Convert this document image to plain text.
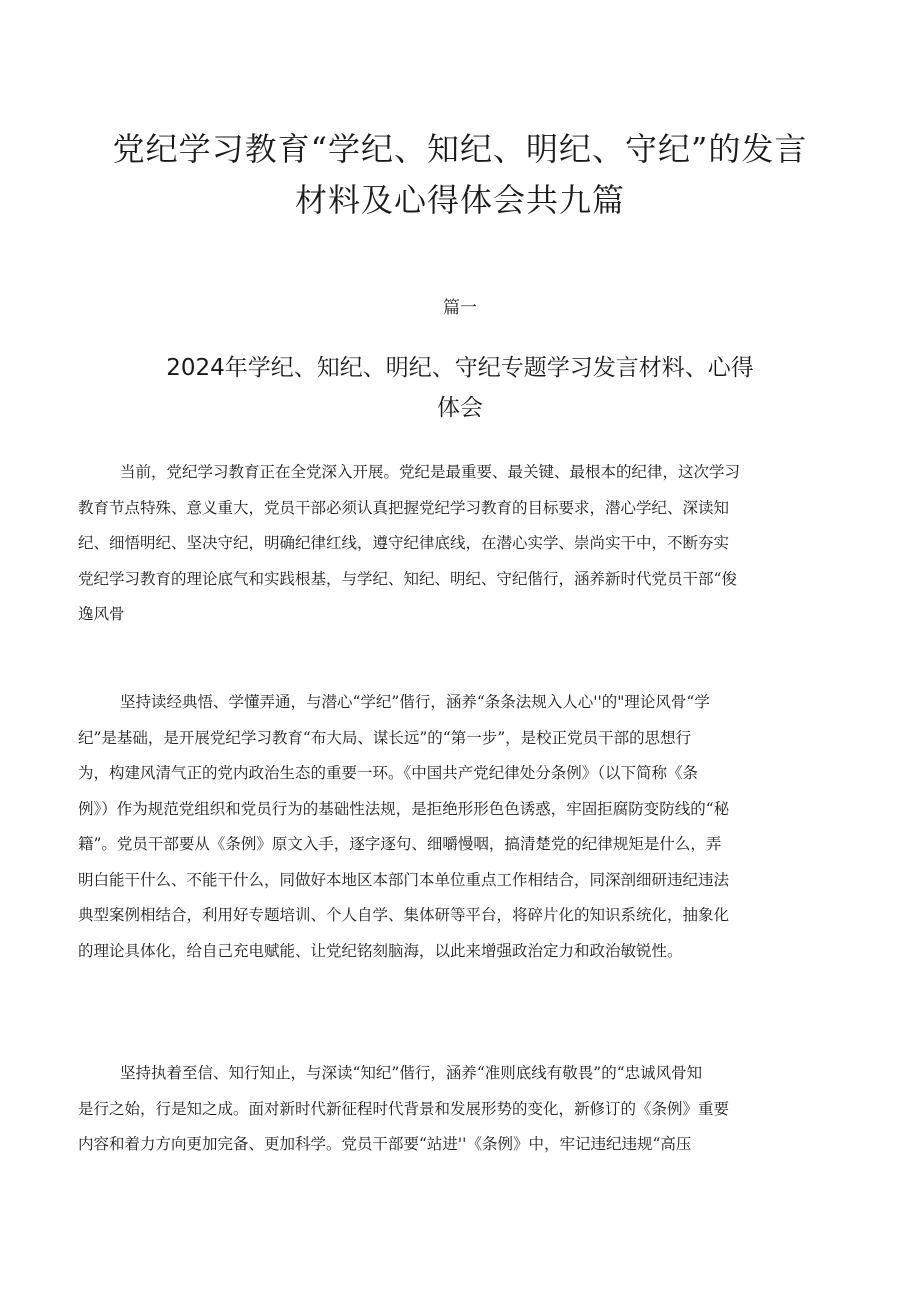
党纪学习教育“学纪、知纪、明纪、守纪”的发言
材料及心得体会共九篇

篇一

2024年学纪、知纪、明纪、守纪专题学习发言材料、心得
体会
当前，党纪学习教育正在全党深入开展。党纪是最重要、最关键、最根本的纪律，这次学习
教育节点特殊、意义重大，党员干部必须认真把握党纪学习教育的目标要求，潜心学纪、深读知
纪、细悟明纪、坚决守纪，明确纪律红线，遵守纪律底线，在潜心实学、崇尚实干中，不断夯实
党纪学习教育的理论底气和实践根基，与学纪、知纪、明纪、守纪偕行，涵养新时代党员干部“俊
逸风骨
坚持读经典悟、学懂弄通，与潜心“学纪”偕行，涵养“条条法规入人心''的"理论风骨“学
纪”是基础，是开展党纪学习教育“布大局、谋长远”的“第一步”，是校正党员干部的思想行
为，构建风清气正的党内政治生态的重要一环。《中国共产党纪律处分条例》（以下简称《条
例》）作为规范党组织和党员行为的基础性法规，是拒绝形形色色诱惑，牢固拒腐防变防线的“秘
籍”。党员干部要从《条例》原文入手，逐字逐句、细嚼慢咽，搞清楚党的纪律规矩是什么，弄
明白能干什么、不能干什么，同做好本地区本部门本单位重点工作相结合，同深剖细研违纪违法
典型案例相结合，利用好专题培训、个人自学、集体研等平台，将碎片化的知识系统化，抽象化
的理论具体化，给自己充电赋能、让党纪铭刻脑海，以此来增强政治定力和政治敏锐性。
坚持执着至信、知行知止，与深读“知纪”偕行，涵养“准则底线有敬畏”的“忠诚风骨知
是行之始，行是知之成。面对新时代新征程时代背景和发展形势的变化，新修订的《条例》重要
内容和着力方向更加完备、更加科学。党员干部要“站进''《条例》中，牢记违纪违规“高压
